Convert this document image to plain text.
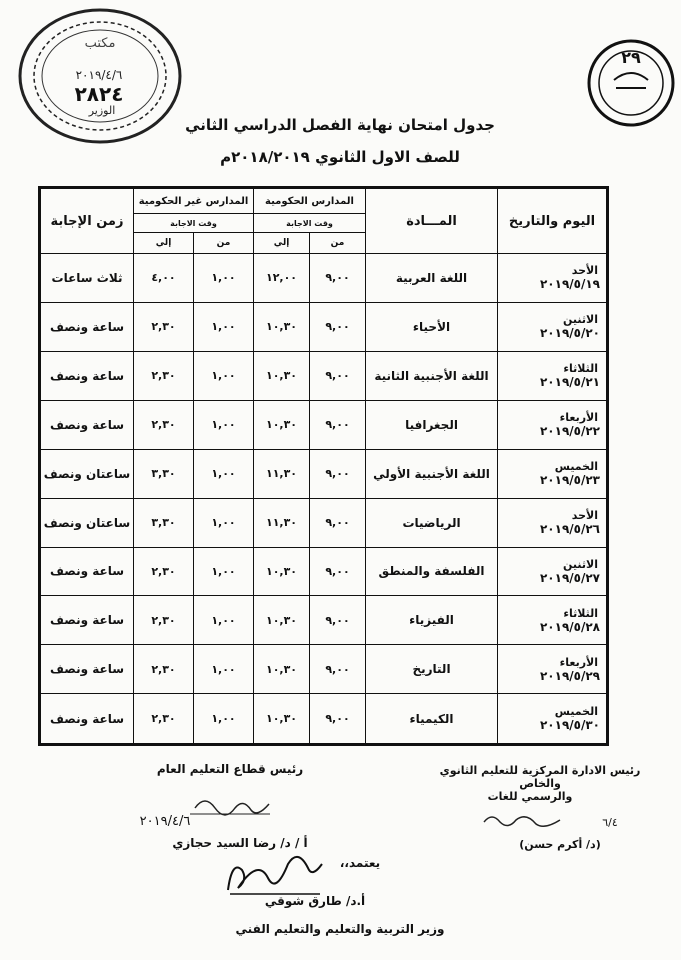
مكتب
٢٠١٩/٤/٦
٢٨٢٤
الوزير
٢٩
جدول امتحان نهاية الفصل الدراسي الثاني
للصف الاول الثانوي ٢٠١٨/٢٠١٩م
اليوم والتاريخ	المـــادة	المدارس الحكومية		المدارس غير الحكومية		زمن الإجابة
		وقت الاجابة		وقت الاجابة		
		من	إلي	من	إلي	

الأحد
٢٠١٩/٥/١٩	اللغة العربية	٩,٠٠	١٢,٠٠	١,٠٠	٤,٠٠	ثلاث ساعات

الاثنين
٢٠١٩/٥/٢٠	الأحياء	٩,٠٠	١٠,٣٠	١,٠٠	٢,٣٠	ساعة ونصف

الثلاثاء
٢٠١٩/٥/٢١	اللغة الأجنبية الثانية	٩,٠٠	١٠,٣٠	١,٠٠	٢,٣٠	ساعة ونصف

الأربعاء
٢٠١٩/٥/٢٢	الجغرافيا	٩,٠٠	١٠,٣٠	١,٠٠	٢,٣٠	ساعة ونصف

الخميس
٢٠١٩/٥/٢٣	اللغة الأجنبية الأولي	٩,٠٠	١١,٣٠	١,٠٠	٣,٣٠	ساعتان ونصف

الأحد
٢٠١٩/٥/٢٦	الرياضيات	٩,٠٠	١١,٣٠	١,٠٠	٣,٣٠	ساعتان ونصف

الاثنين
٢٠١٩/٥/٢٧	الفلسفة والمنطق	٩,٠٠	١٠,٣٠	١,٠٠	٢,٣٠	ساعة ونصف

الثلاثاء
٢٠١٩/٥/٢٨	الفيزياء	٩,٠٠	١٠,٣٠	١,٠٠	٢,٣٠	ساعة ونصف

الأربعاء
٢٠١٩/٥/٢٩	التاريخ	٩,٠٠	١٠,٣٠	١,٠٠	٢,٣٠	ساعة ونصف

الخميس
٢٠١٩/٥/٣٠	الكيمياء	٩,٠٠	١٠,٣٠	١,٠٠	٢,٣٠	ساعة ونصف
رئيس قطاع التعليم العام
٢٠١٩/٤/٦
أ / د/ رضا السيد حجازي
رئيس الادارة المركزية للتعليم الثانوي والخاص
والرسمي للغات
٦/٤
(د/ أكرم حسن)
يعتمد،،
أ.د/ طارق شوقي
وزير التربية والتعليم والتعليم الفني
